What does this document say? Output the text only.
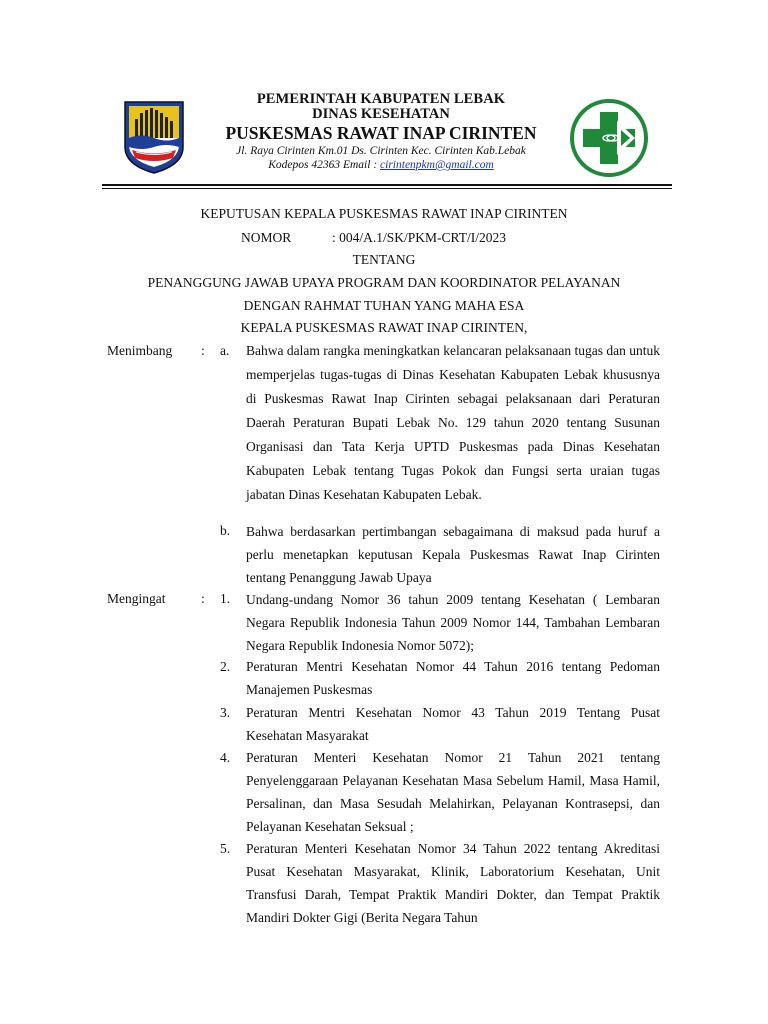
PEMERINTAH KABUPATEN LEBAK
DINAS KESEHATAN
PUSKESMAS RAWAT INAP CIRINTEN
Jl. Raya Cirinten Km.01 Ds. Cirinten Kec. Cirinten Kab.Lebak
Kodepos 42363 Email : cirintenpkm@gmail.com
KEPUTUSAN KEPALA PUSKESMAS RAWAT INAP CIRINTEN
NOMOR	: 004/A.1/SK/PKM-CRT/I/2023
TENTANG
PENANGGUNG JAWAB UPAYA PROGRAM DAN KOORDINATOR PELAYANAN
DENGAN RAHMAT TUHAN YANG MAHA ESA
KEPALA PUSKESMAS RAWAT INAP CIRINTEN,
Menimbang : a. Bahwa dalam rangka meningkatkan kelancaran pelaksanaan tugas dan untuk memperjelas tugas-tugas di Dinas Kesehatan Kabupaten Lebak khususnya di Puskesmas Rawat Inap Cirinten sebagai pelaksanaan dari Peraturan Daerah Peraturan Bupati Lebak No. 129 tahun 2020 tentang Susunan Organisasi dan Tata Kerja UPTD Puskesmas pada Dinas Kesehatan Kabupaten Lebak tentang Tugas Pokok dan Fungsi serta uraian tugas jabatan Dinas Kesehatan Kabupaten Lebak.
b. Bahwa berdasarkan pertimbangan sebagaimana di maksud pada huruf a perlu menetapkan keputusan Kepala Puskesmas Rawat Inap Cirinten tentang Penanggung Jawab Upaya
Mengingat	: 1. Undang-undang Nomor 36 tahun 2009 tentang Kesehatan ( Lembaran Negara Republik Indonesia Tahun 2009 Nomor 144, Tambahan Lembaran Negara Republik Indonesia Nomor 5072);
2. Peraturan Mentri Kesehatan Nomor 44 Tahun 2016 tentang Pedoman Manajemen Puskesmas
3. Peraturan Mentri Kesehatan Nomor 43 Tahun 2019 Tentang Pusat Kesehatan Masyarakat
4. Peraturan Menteri Kesehatan Nomor 21 Tahun 2021 tentang Penyelenggaraan Pelayanan Kesehatan Masa Sebelum Hamil, Masa Hamil, Persalinan, dan Masa Sesudah Melahirkan, Pelayanan Kontrasepsi, dan Pelayanan Kesehatan Seksual ;
5. Peraturan Menteri Kesehatan Nomor 34 Tahun 2022 tentang Akreditasi Pusat Kesehatan Masyarakat, Klinik, Laboratorium Kesehatan, Unit Transfusi Darah, Tempat Praktik Mandiri Dokter, dan Tempat Praktik Mandiri Dokter Gigi (Berita Negara Tahun
